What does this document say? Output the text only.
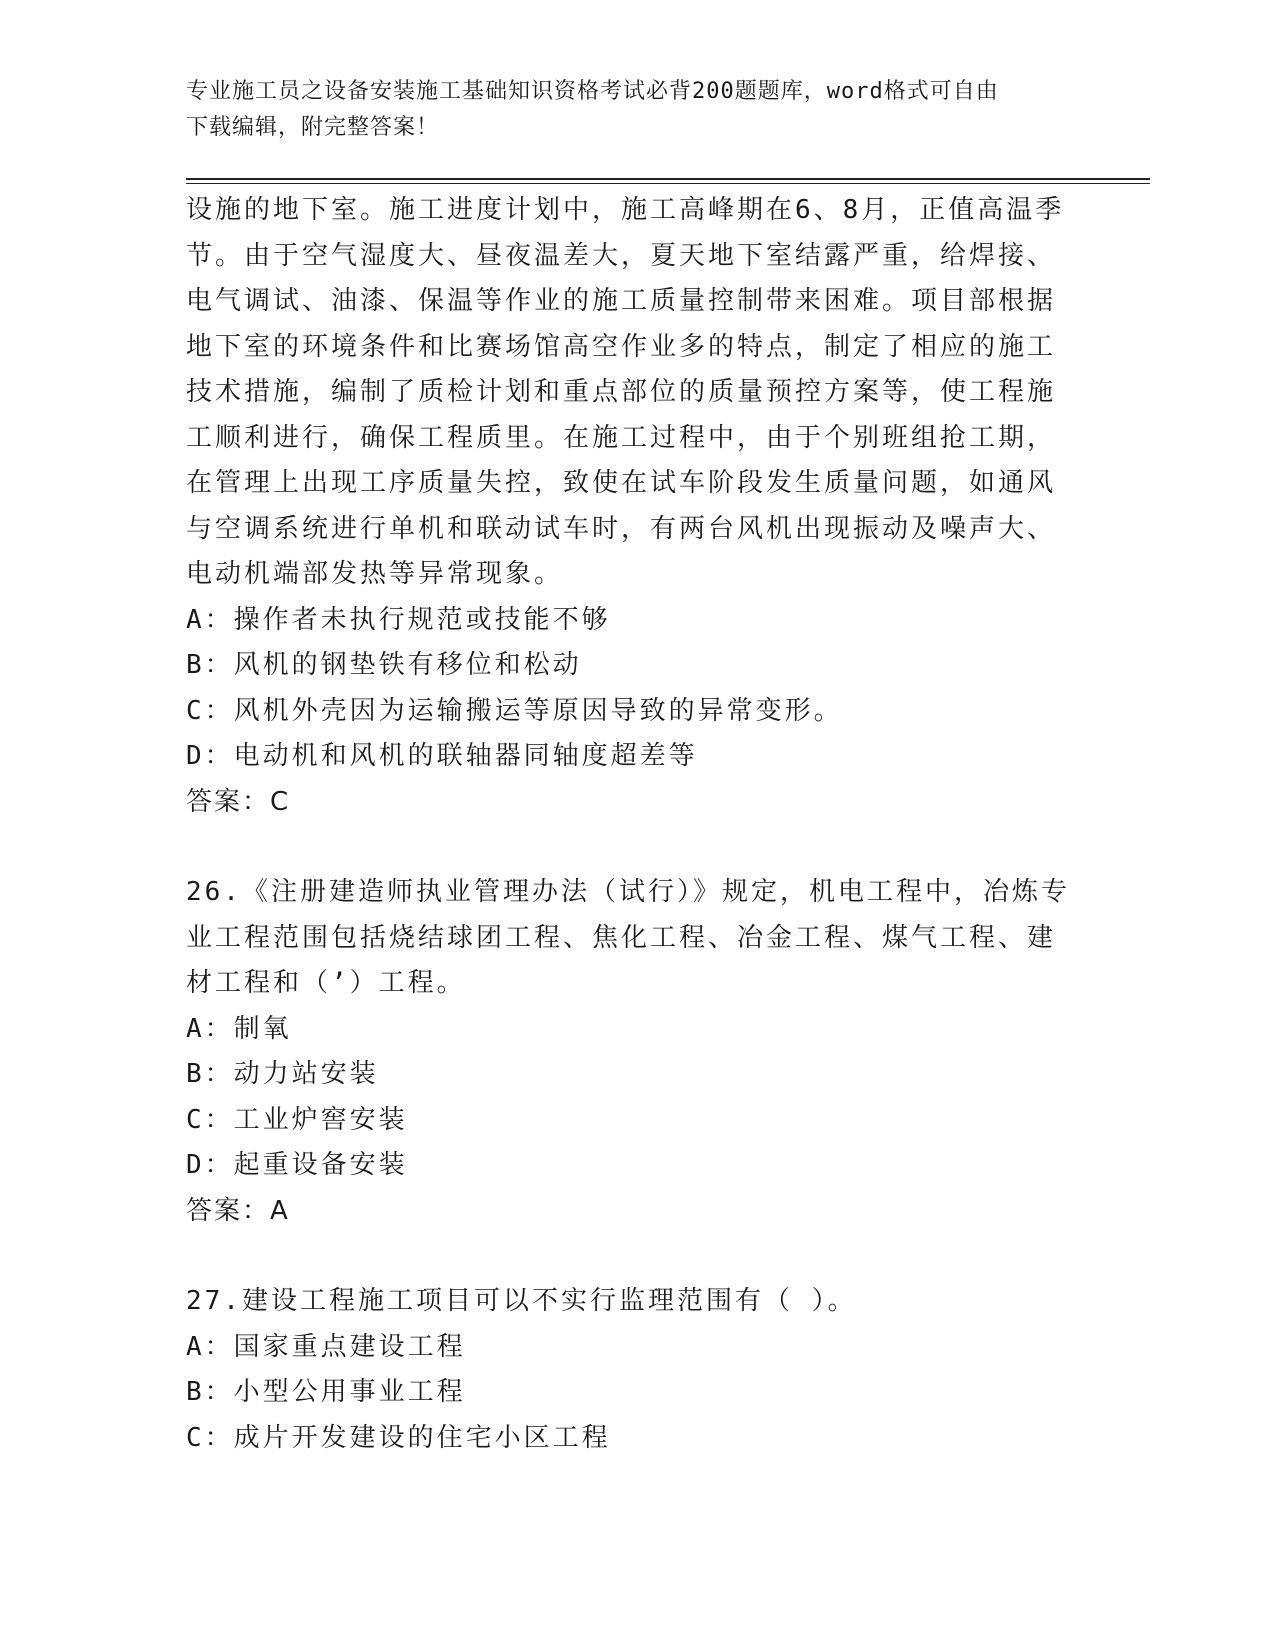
专业施工员之设备安装施工基础知识资格考试必背200题题库，word格式可自由
下载编辑，附完整答案！
设施的地下室。施工进度计划中，施工高峰期在6、8月，正值高温季
节。由于空气湿度大、昼夜温差大，夏天地下室结露严重，给焊接、
电气调试、油漆、保温等作业的施工质量控制带来困难。项目部根据
地下室的环境条件和比赛场馆高空作业多的特点，制定了相应的施工
技术措施，编制了质检计划和重点部位的质量预控方案等，使工程施
工顺利进行，确保工程质里。在施工过程中，由于个别班组抢工期，
在管理上出现工序质量失控，致使在试车阶段发生质量问题，如通风
与空调系统进行单机和联动试车时，有两台风机出现振动及噪声大、
电动机端部发热等异常现象。
A：操作者未执行规范或技能不够
B：风机的钢垫铁有移位和松动
C：风机外壳因为运输搬运等原因导致的异常变形。
D：电动机和风机的联轴器同轴度超差等
答案：C
26.《注册建造师执业管理办法（试行）》规定，机电工程中，冶炼专
业工程范围包括烧结球团工程、焦化工程、冶金工程、煤气工程、建
材工程和（’）工程。
A：制氧
B：动力站安装
C：工业炉窖安装
D：起重设备安装
答案：A
27.建设工程施工项目可以不实行监理范围有（ ）。
A：国家重点建设工程
B：小型公用事业工程
C：成片开发建设的住宅小区工程
